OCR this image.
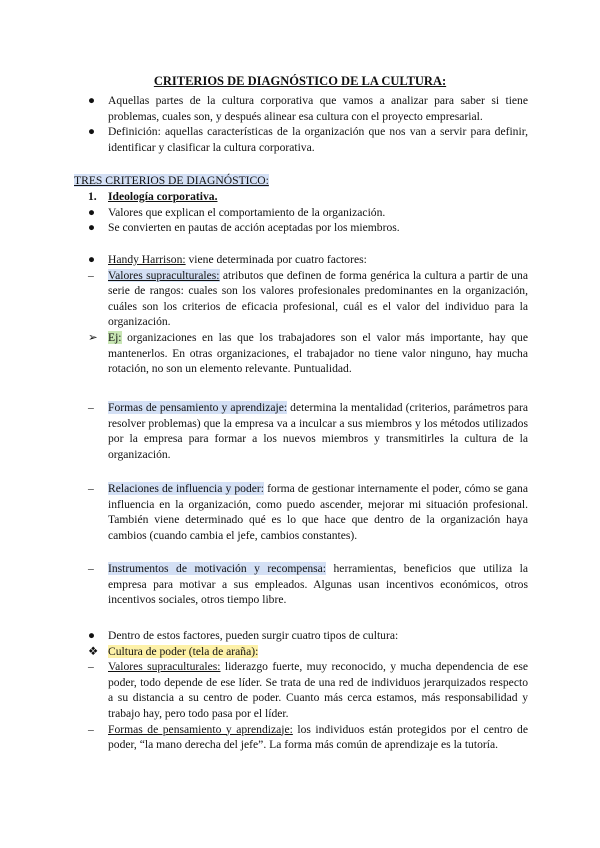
CRITERIOS DE DIAGNÓSTICO DE LA CULTURA:
●	Aquellas partes de la cultura corporativa que vamos a analizar para saber si tiene problemas, cuales son, y después alinear esa cultura con el proyecto empresarial.
●	Definición: aquellas características de la organización que nos van a servir para definir, identificar y clasificar la cultura corporativa.
TRES CRITERIOS DE DIAGNÓSTICO:
1. Ideología corporativa.
●	Valores que explican el comportamiento de la organización.
●	Se convierten en pautas de acción aceptadas por los miembros.
●	Handy Harrison: viene determinada por cuatro factores:
–	Valores supraculturales: atributos que definen de forma genérica la cultura a partir de una serie de rangos: cuales son los valores profesionales predominantes en la organización, cuáles son los criterios de eficacia profesional, cuál es el valor del individuo para la organización.
➢ Ej: organizaciones en las que los trabajadores son el valor más importante, hay que mantenerlos. En otras organizaciones, el trabajador no tiene valor ninguno, hay mucha rotación, no son un elemento relevante. Puntualidad.
–	Formas de pensamiento y aprendizaje: determina la mentalidad (criterios, parámetros para resolver problemas) que la empresa va a inculcar a sus miembros y los métodos utilizados por la empresa para formar a los nuevos miembros y transmitirles la cultura de la organización.
–	Relaciones de influencia y poder: forma de gestionar internamente el poder, cómo se gana influencia en la organización, como puedo ascender, mejorar mi situación profesional. También viene determinado qué es lo que hace que dentro de la organización haya cambios (cuando cambia el jefe, cambios constantes).
–	Instrumentos de motivación y recompensa: herramientas, beneficios que utiliza la empresa para motivar a sus empleados. Algunas usan incentivos económicos, otros incentivos sociales, otros tiempo libre.
●	Dentro de estos factores, pueden surgir cuatro tipos de cultura:
❖ Cultura de poder (tela de araña):
–	Valores supraculturales: liderazgo fuerte, muy reconocido, y mucha dependencia de ese poder, todo depende de ese líder. Se trata de una red de individuos jerarquizados respecto a su distancia a su centro de poder. Cuanto más cerca estamos, más responsabilidad y trabajo hay, pero todo pasa por el líder.
–	Formas de pensamiento y aprendizaje: los individuos están protegidos por el centro de poder, “la mano derecha del jefe”. La forma más común de aprendizaje es la tutoría.
